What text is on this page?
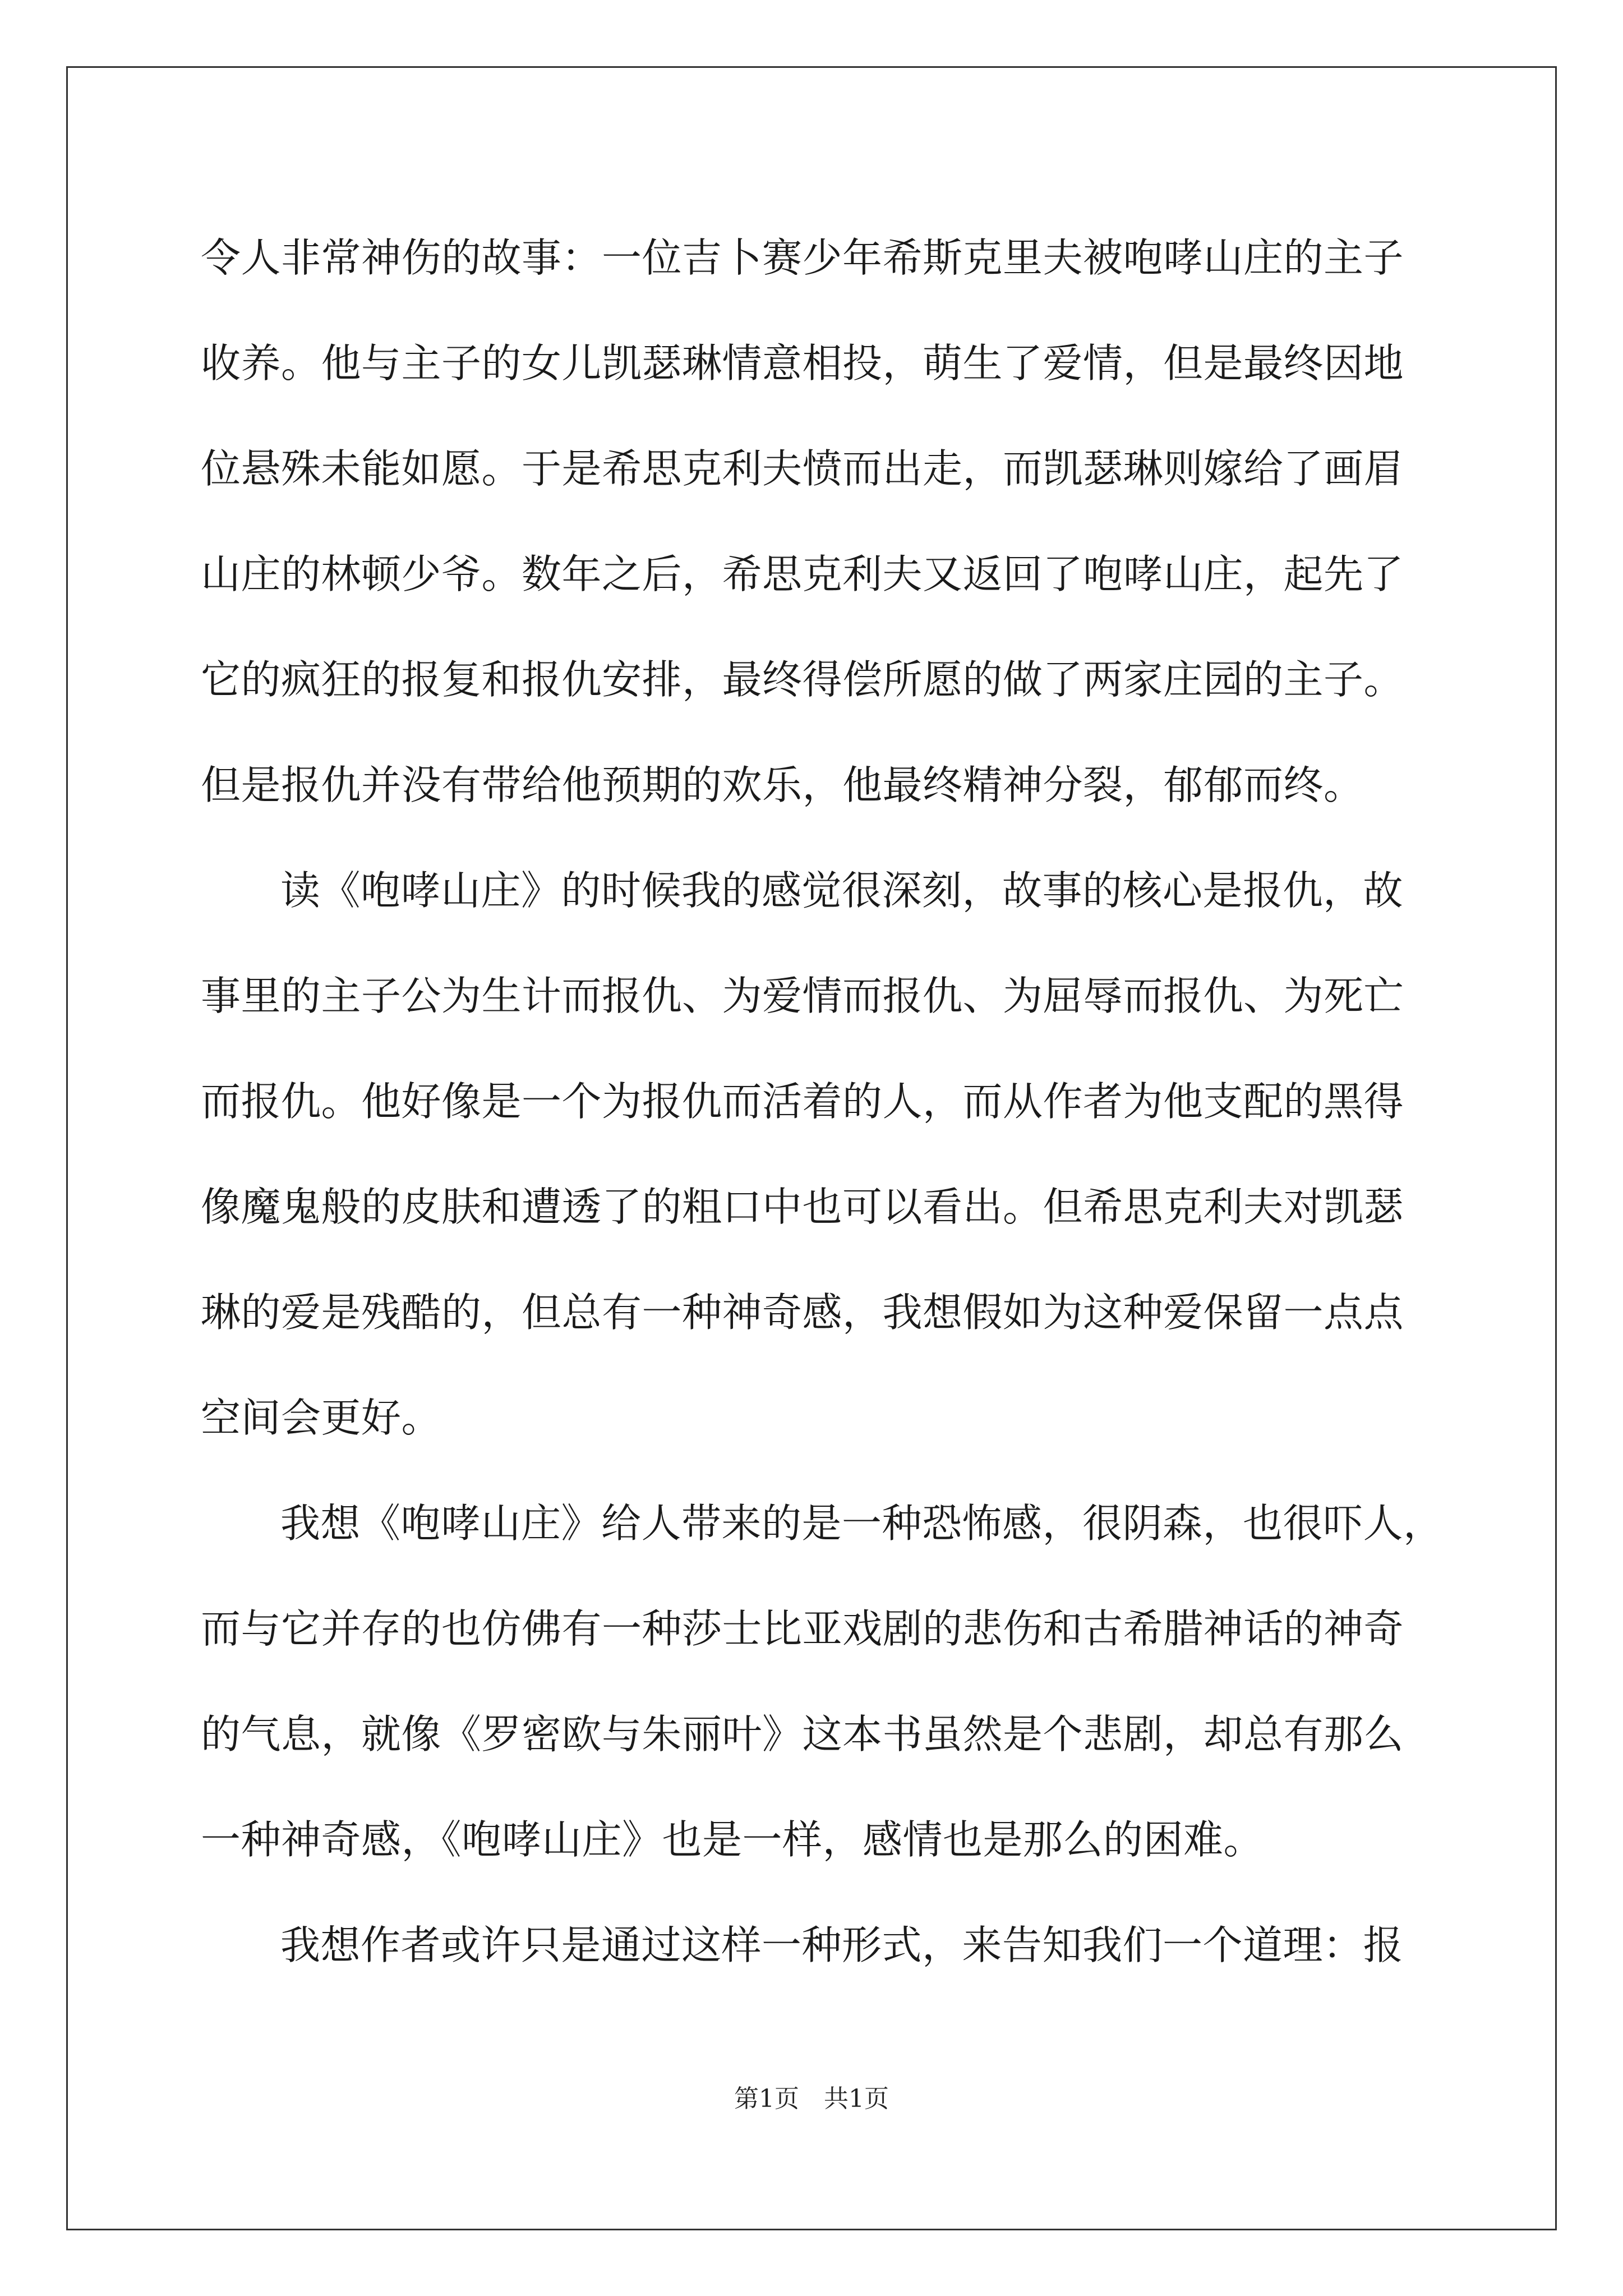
令人非常神伤的故事：一位吉卜赛少年希斯克里夫被咆哮山庄的主子
收养。他与主子的女儿凯瑟琳情意相投，萌生了爱情，但是最终因地
位悬殊未能如愿。于是希思克利夫愤而出走，而凯瑟琳则嫁给了画眉
山庄的林顿少爷。数年之后，希思克利夫又返回了咆哮山庄，起先了
它的疯狂的报复和报仇安排，最终得偿所愿的做了两家庄园的主子。
但是报仇并没有带给他预期的欢乐，他最终精神分裂，郁郁而终。
读《咆哮山庄》的时候我的感觉很深刻，故事的核心是报仇，故
事里的主子公为生计而报仇、为爱情而报仇、为屈辱而报仇、为死亡
而报仇。他好像是一个为报仇而活着的人，而从作者为他支配的黑得
像魔鬼般的皮肤和遭透了的粗口中也可以看出。但希思克利夫对凯瑟
琳的爱是残酷的，但总有一种神奇感，我想假如为这种爱保留一点点
空间会更好。
我想《咆哮山庄》给人带来的是一种恐怖感，很阴森，也很吓人，
而与它并存的也仿佛有一种莎士比亚戏剧的悲伤和古希腊神话的神奇
的气息，就像《罗密欧与朱丽叶》这本书虽然是个悲剧，却总有那么
一种神奇感，《咆哮山庄》也是一样，感情也是那么的困难。
我想作者或许只是通过这样一种形式，来告知我们一个道理：报
第1页　共1页
